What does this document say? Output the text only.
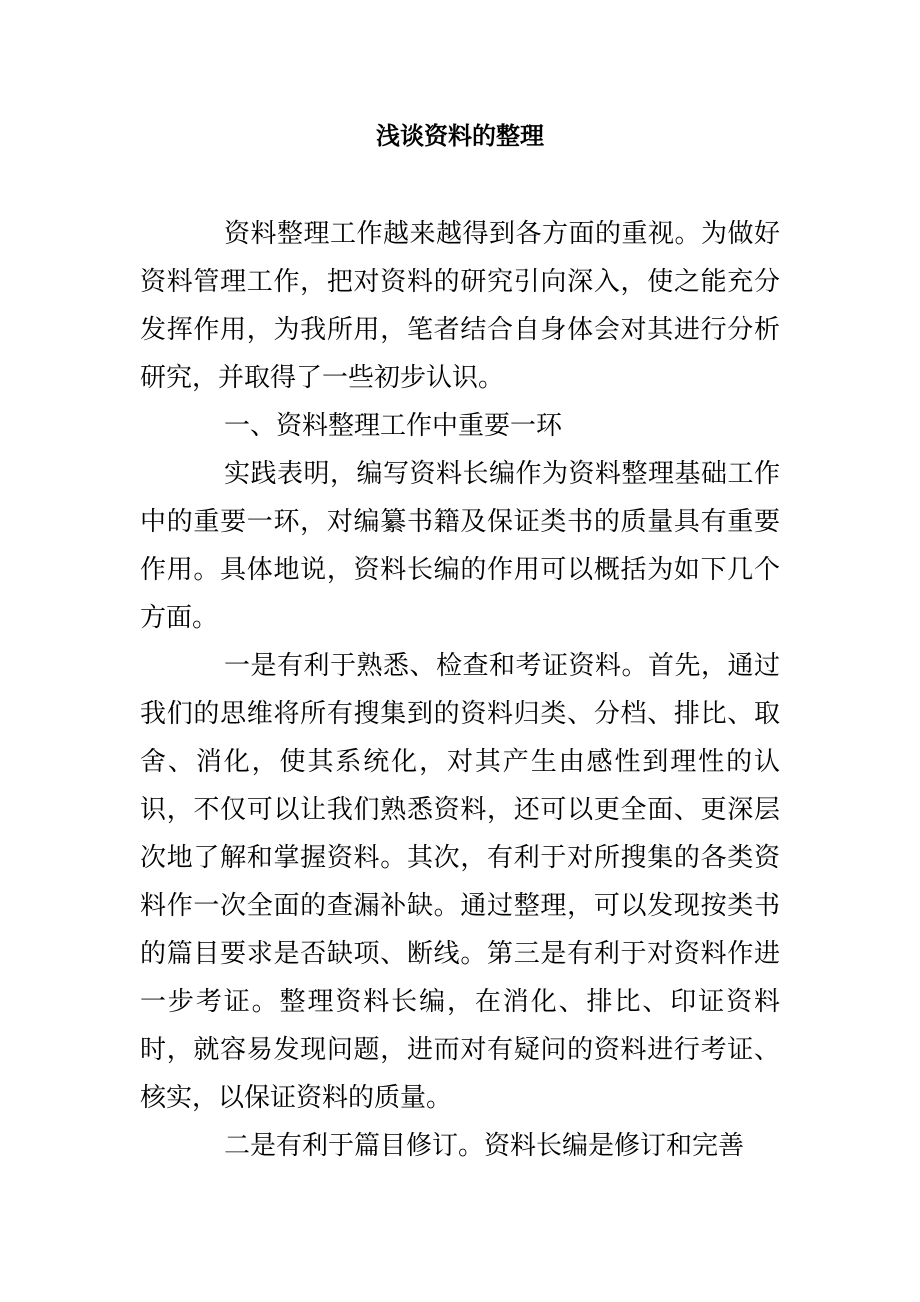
浅谈资料的整理

资料整理工作越来越得到各方面的重视。为做好资料管理工作，把对资料的研究引向深入，使之能充分发挥作用，为我所用，笔者结合自身体会对其进行分析研究，并取得了一些初步认识。

一、资料整理工作中重要一环

实践表明，编写资料长编作为资料整理基础工作中的重要一环，对编纂书籍及保证类书的质量具有重要作用。具体地说，资料长编的作用可以概括为如下几个方面。

一是有利于熟悉、检查和考证资料。首先，通过我们的思维将所有搜集到的资料归类、分档、排比、取舍、消化，使其系统化，对其产生由感性到理性的认识，不仅可以让我们熟悉资料，还可以更全面、更深层次地了解和掌握资料。其次，有利于对所搜集的各类资料作一次全面的查漏补缺。通过整理，可以发现按类书的篇目要求是否缺项、断线。第三是有利于对资料作进一步考证。整理资料长编，在消化、排比、印证资料时，就容易发现问题，进而对有疑问的资料进行考证、核实，以保证资料的质量。

二是有利于篇目修订。资料长编是修订和完善
